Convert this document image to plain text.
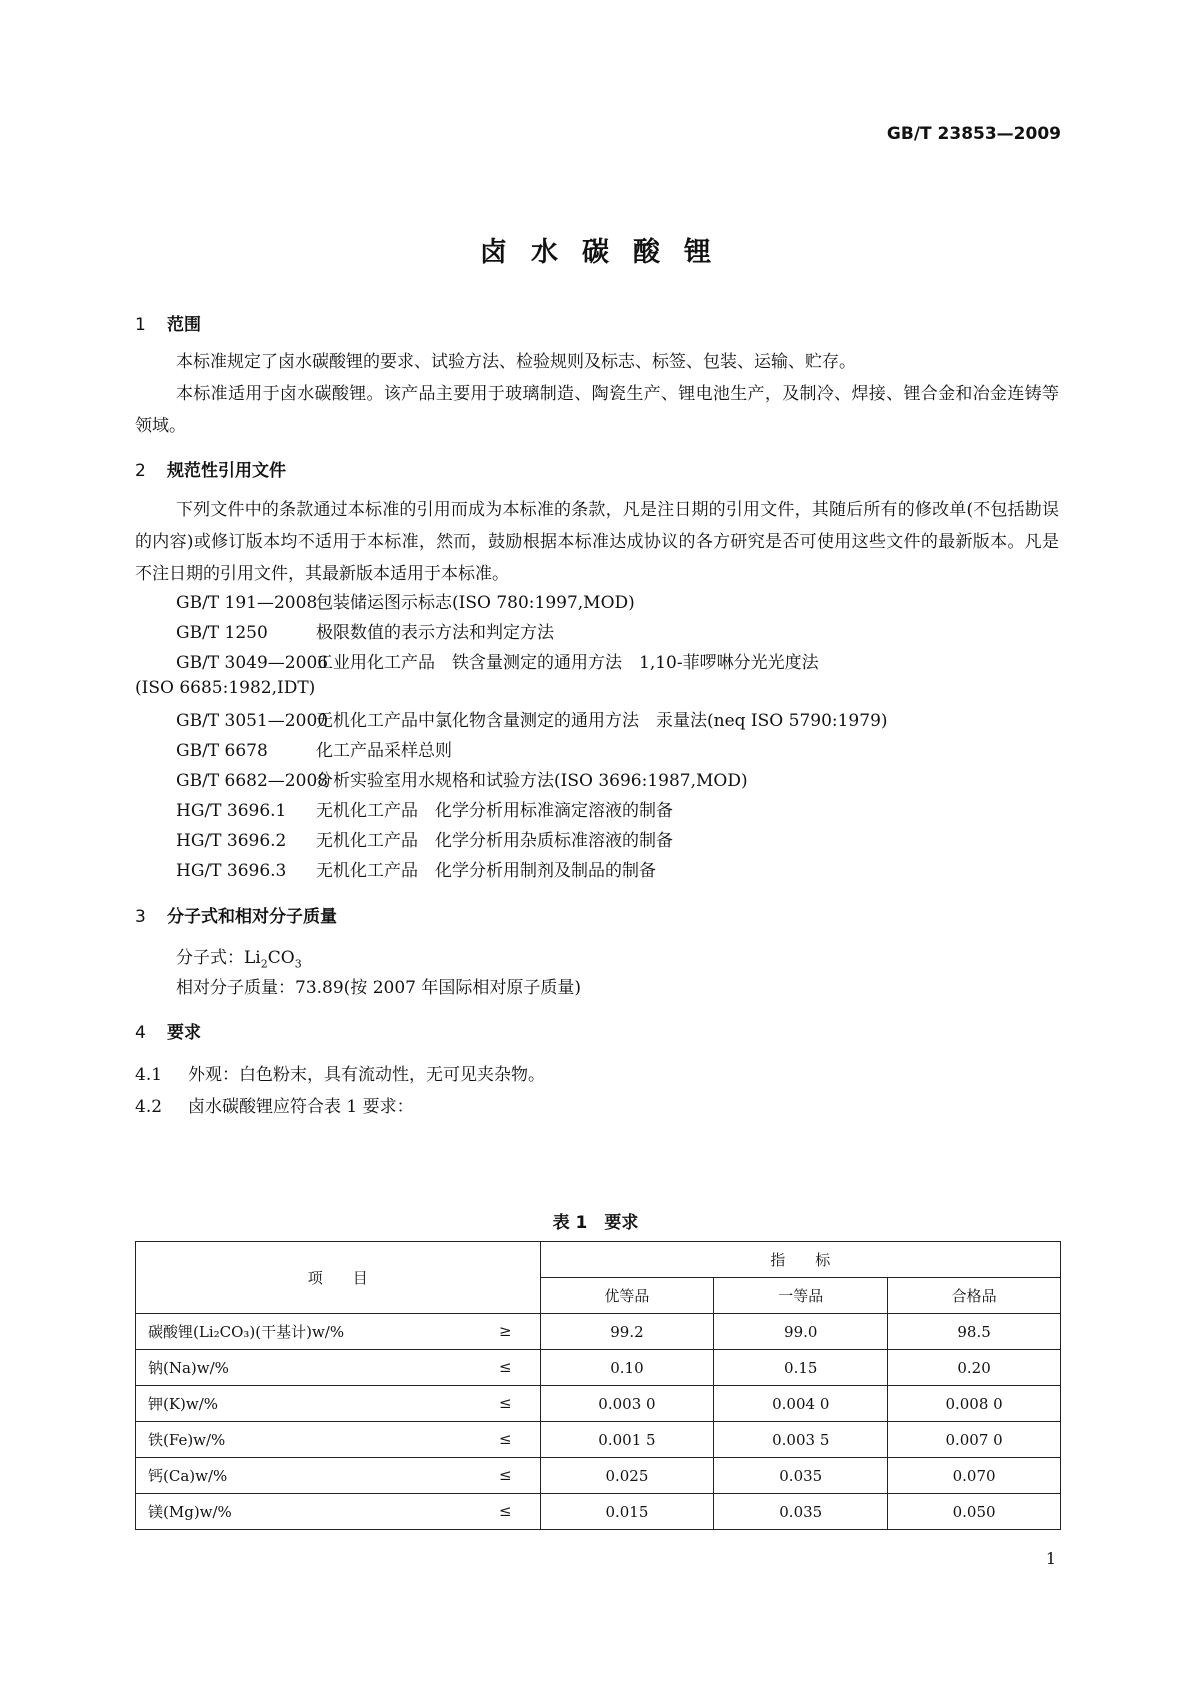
GB/T 23853—2009
卤水碳酸锂
1 范围
本标准规定了卤水碳酸锂的要求、试验方法、检验规则及标志、标签、包装、运输、贮存。
本标准适用于卤水碳酸锂。该产品主要用于玻璃制造、陶瓷生产、锂电池生产，及制冷、焊接、锂合金和冶金连铸等领域。
2 规范性引用文件
下列文件中的条款通过本标准的引用而成为本标准的条款，凡是注日期的引用文件，其随后所有的修改单(不包括勘误的内容)或修订版本均不适用于本标准，然而，鼓励根据本标准达成协议的各方研究是否可使用这些文件的最新版本。凡是不注日期的引用文件，其最新版本适用于本标准。
GB/T 191—2008包装储运图示标志(ISO 780:1997,MOD)
GB/T 1250	极限数值的表示方法和判定方法
GB/T 3049—2006工业用化工产品　铁含量测定的通用方法　1,10-菲啰啉分光光度法
(ISO 6685:1982,IDT)
GB/T 3051—2000无机化工产品中氯化物含量测定的通用方法　汞量法(neq ISO 5790:1979)
GB/T 6678	化工产品采样总则
GB/T 6682—2008分析实验室用水规格和试验方法(ISO 3696:1987,MOD)
HG/T 3696.1 无机化工产品　化学分析用标准滴定溶液的制备
HG/T 3696.2 无机化工产品　化学分析用杂质标准溶液的制备
HG/T 3696.3 无机化工产品　化学分析用制剂及制品的制备
3 分子式和相对分子质量
分子式：$Li_2CO_3$
相对分子质量：73.89(按 2007 年国际相对原子质量)
4 要求
4.1 外观：白色粉末，具有流动性，无可见夹杂物。
4.2 卤水碳酸锂应符合表 1 要求：
表 1　要求
项　　目	指　　标		
	优等品	一等品	合格品
碳酸锂(Li₂CO₃)(干基计)w/% ≥	99.2	99.0	98.5
钠(Na)w/% ≤	0.10	0.15	0.20
钾(K)w/% ≤	0.003 0	0.004 0	0.008 0
铁(Fe)w/% ≤	0.001 5	0.003 5	0.007 0
钙(Ca)w/% ≤	0.025	0.035	0.070
镁(Mg)w/% ≤	0.015	0.035	0.050
1
